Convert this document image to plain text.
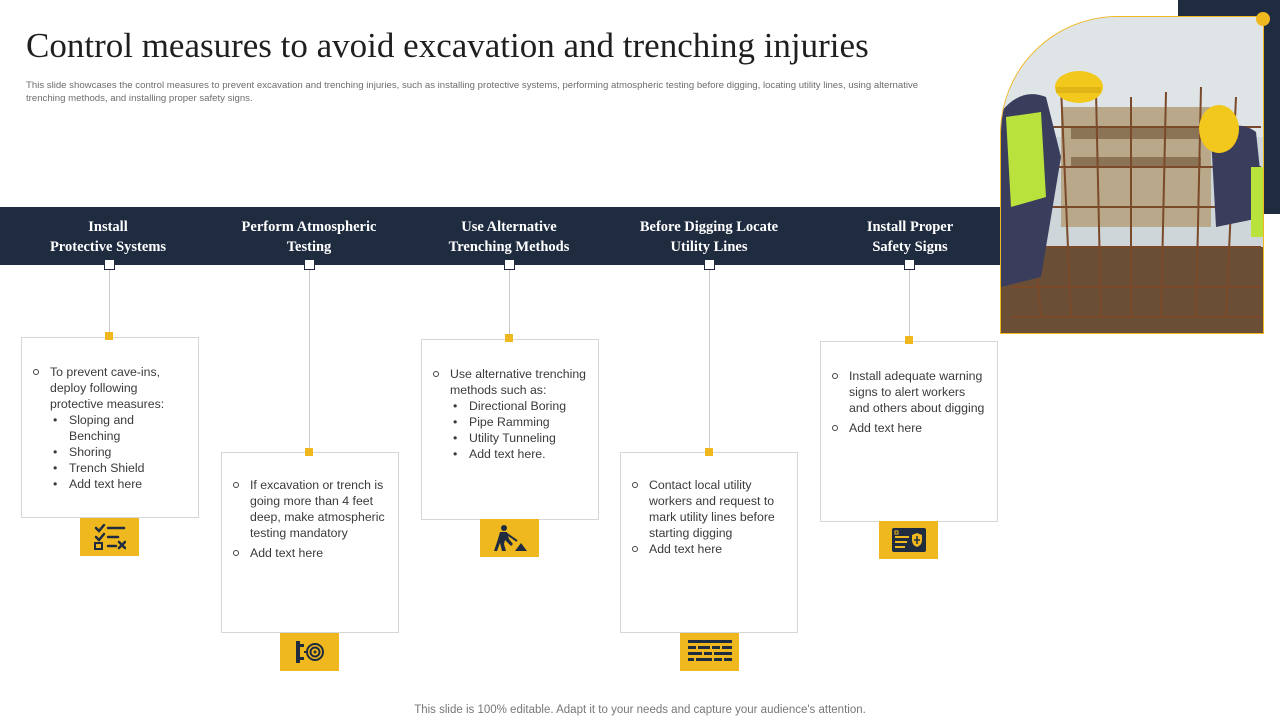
Control measures to avoid excavation and trenching injuries
This slide showcases the control measures to prevent excavation and trenching injuries, such as installing protective systems, performing atmospheric testing before digging, locating utility lines, using alternative trenching methods, and installing proper safety signs.
Install
Protective Systems
Perform Atmospheric
Testing
Use Alternative
Trenching Methods
Before Digging Locate
Utility Lines
Install Proper
Safety Signs
To prevent cave-ins, deploy following protective measures:
• Sloping and Benching
• Shoring
• Trench Shield
• Add text here	If excavation or trench is going more than 4 feet deep, make atmospheric testing mandatory
Add text here
Use alternative trenching methods such as:
• Directional Boring
• Pipe Ramming
• Utility Tunneling
• Add text here.
Contact local utility workers and request to mark utility lines before starting digging
Add text here
Install adequate warning signs to alert workers and others about digging
Add text here
This slide is 100% editable. Adapt it to your needs and capture your audience's attention.
